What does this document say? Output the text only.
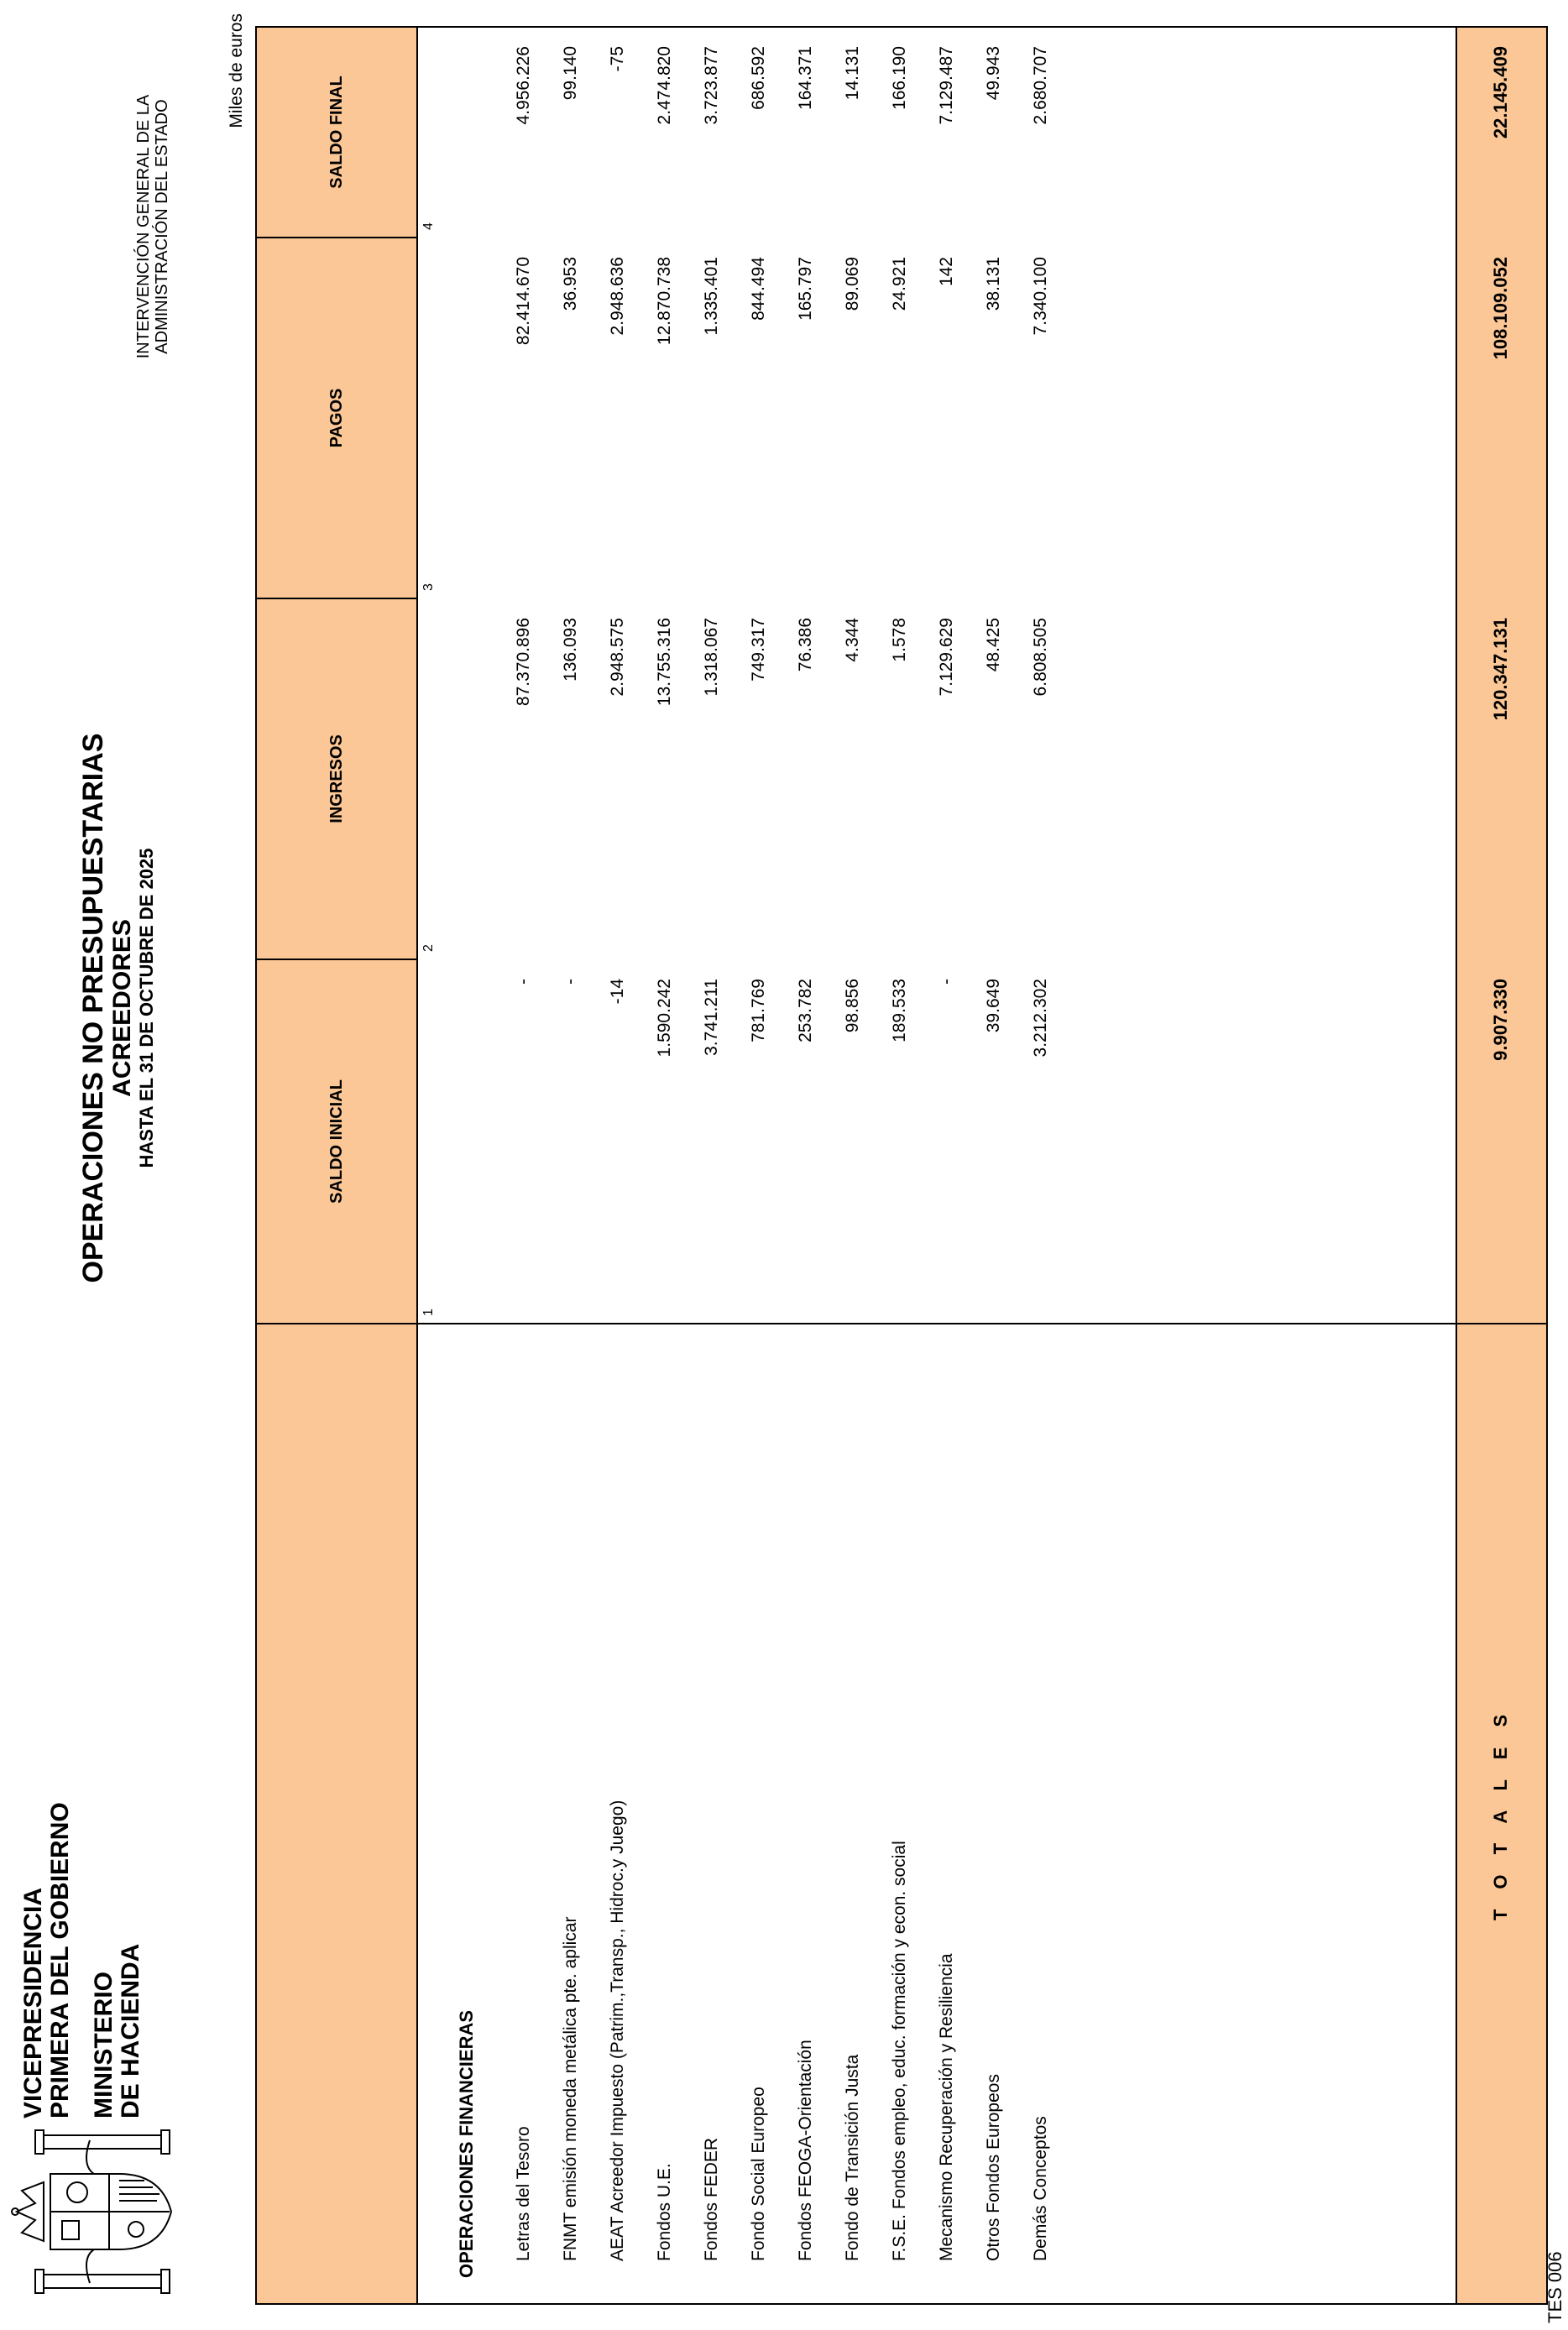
VICEPRESIDENCIA PRIMERA DEL GOBIERNO MINISTERIO DE HACIENDA
OPERACIONES NO PRESUPUESTARIAS ACREEDORES HASTA EL 31 DE OCTUBRE DE 2025
INTERVENCIÓN GENERAL DE LA ADMINISTRACIÓN DEL ESTADO
Miles de euros
SALDO INICIAL
INGRESOS
PAGOS
SALDO FINAL
1
2
3
4
OPERACIONES FINANCIERAS	Letras del Tesoro
-
87.370.896
82.414.670
4.956.226
FNMT emisión moneda metálica pte. aplicar
-
136.093
36.953
99.140
AEAT Acreedor Impuesto (Patrim.,Transp., Hidroc.y Juego)
-14
2.948.575
2.948.636
-75
Fondos U.E.
1.590.242
13.755.316
12.870.738
2.474.820
Fondos FEDER
3.741.211
1.318.067
1.335.401
3.723.877
Fondo Social Europeo
781.769
749.317
844.494
686.592
Fondos FEOGA-Orientación
253.782
76.386
165.797
164.371
Fondo de Transición Justa
98.856
4.344
89.069
14.131
F.S.E. Fondos empleo, educ. formación y econ. social
189.533
1.578
24.921
166.190
Mecanismo Recuperación y Resiliencia
-
7.129.629
142
7.129.487
Otros Fondos Europeos
39.649
48.425
38.131
49.943
Demás Conceptos
3.212.302
6.808.505
7.340.100
2.680.707
T O T A L E S
9.907.330
120.347.131
108.109.052
22.145.409
TES 006
